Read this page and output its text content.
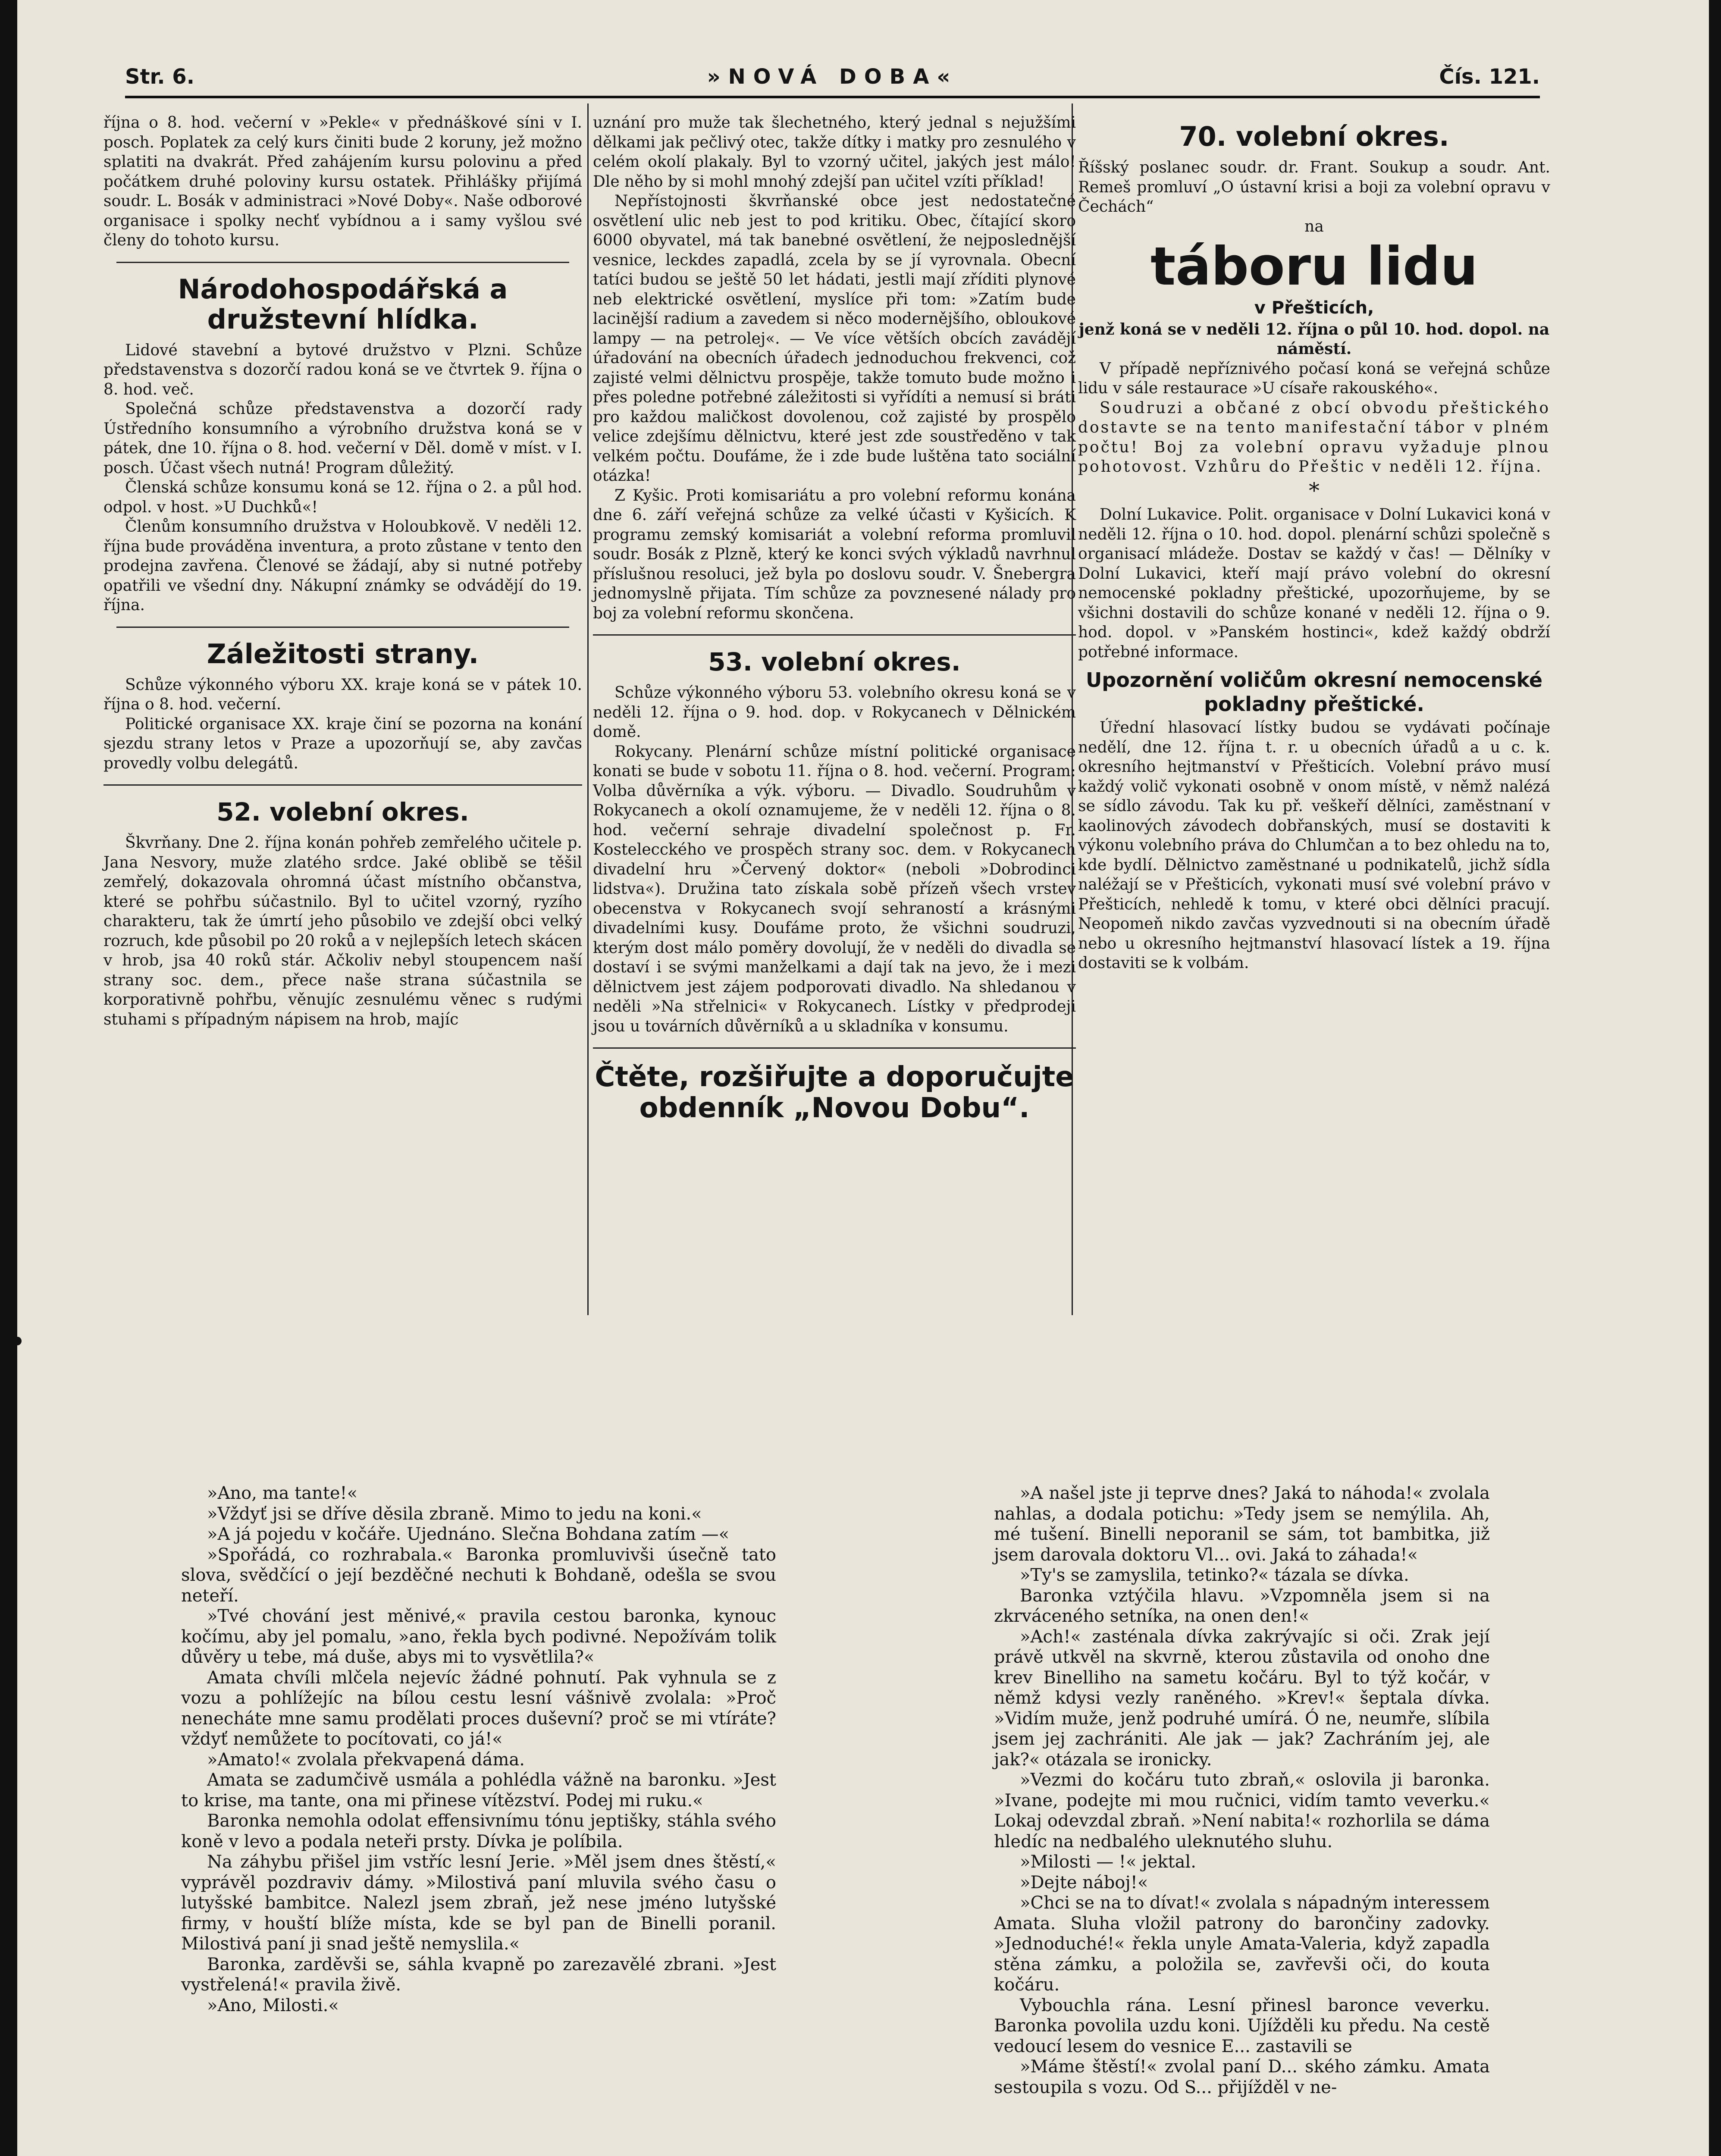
Str. 6.	»NOVÁ DOBA«	Čís. 121.

října o 8. hod. večerní v »Pekle« v přednáškové síni v I. posch. Poplatek za celý kurs činiti bude 2 koruny, jež možno splatiti na dvakrát. Před zahájením kursu polovinu a před počátkem druhé poloviny kursu ostatek. Přihlášky přijímá soudr. L. Bosák v administraci »Nové Doby«. Naše odborové organisace i spolky nechť vybídnou a i samy vyšlou své členy do tohoto kursu.

Národohospodářská a družstevní hlídka.

Lidové stavební a bytové družstvo v Plzni. Schůze představenstva s dozorčí radou koná se ve čtvrtek 9. října o 8. hod. več.

Společná schůze představenstva a dozorčí rady Ústředního konsumního a výrobního družstva koná se v pátek, dne 10. října o 8. hod. večerní v Děl. domě v míst. v I. posch. Účast všech nutná! Program důležitý.

Členská schůze konsumu koná se 12. října o 2. a půl hod. odpol. v host. »U Duchků«!

Členům konsumního družstva v Holoubkově. V neděli 12. října bude prováděna inventura, a proto zůstane v tento den prodejna zavřena. Členové se žádají, aby si nutné potřeby opatřili ve všední dny. Nákupní známky se odvádějí do 19. října.

Záležitosti strany.

Schůze výkonného výboru XX. kraje koná se v pátek 10. října o 8. hod. večerní.

Politické organisace XX. kraje činí se pozorna na konání sjezdu strany letos v Praze a upozorňují se, aby zavčas provedly volbu delegátů.

52. volební okres.

Škvrňany. Dne 2. října konán pohřeb zemřelého učitele p. Jana Nesvory, muže zlatého srdce. Jaké oblibě se těšil zemřelý, dokazovala ohromná účast místního občanstva, které se pohřbu súčastnilo. Byl to učitel vzorný, ryzího charakteru, tak že úmrtí jeho působilo ve zdejší obci velký rozruch, kde působil po 20 roků a v nejlepších letech skácen v hrob, jsa 40 roků stár. Ačkoliv nebyl stoupencem naší strany soc. dem., přece naše strana súčastnila se korporativně pohřbu, věnujíc zesnulému věnec s rudými stuhami s případným nápisem na hrob, majíc

uznání pro muže tak šlechetného, který jednal s nejužšími dělkami jak pečlivý otec, takže dítky i matky pro zesnulého v celém okolí plakaly. Byl to vzorný učitel, jakých jest málo! Dle něho by si mohl mnohý zdejší pan učitel vzíti příklad!

Nepřístojnosti škvrňanské obce jest nedostatečné osvětlení ulic neb jest to pod kritiku. Obec, čítající skoro 6000 obyvatel, má tak banebné osvětlení, že nejposlednější vesnice, leckdes zapadlá, zcela by se jí vyrovnala. Obecní tatíci budou se ještě 50 let hádati, jestli mají zříditi plynové neb elektrické osvětlení, myslíce při tom: »Zatím bude lacinější radium a zavedem si něco modernějšího, obloukové lampy — na petrolej«. — Ve více větších obcích zavádějí úřadování na obecních úřadech jednoduchou frekvenci, což zajisté velmi dělnictvu prospěje, takže tomuto bude možno i přes poledne potřebné záležitosti si vyřídíti a nemusí si bráti pro každou maličkost dovolenou, což zajisté by prospělo velice zdejšímu dělnictvu, které jest zde soustředěno v tak velkém počtu. Doufáme, že i zde bude luštěna tato sociální otázka!

Z Kyšic. Proti komisariátu a pro volební reformu konána dne 6. září veřejná schůze za velké účasti v Kyšicích. K programu zemský komisariát a volební reforma promluvil soudr. Bosák z Plzně, který ke konci svých výkladů navrhnul příslušnou resoluci, jež byla po doslovu soudr. V. Šnebergra jednomyslně přijata. Tím schůze za povznesené nálady pro boj za volební reformu skončena.

53. volební okres.

Schůze výkonného výboru 53. volebního okresu koná se v neděli 12. října o 9. hod. dop. v Rokycanech v Dělnickém domě.

Rokycany. Plenární schůze místní politické organisace konati se bude v sobotu 11. října o 8. hod. večerní. Program: Volba důvěrníka a výk. výboru. — Divadlo. Soudruhům v Rokycanech a okolí oznamujeme, že v neděli 12. října o 8. hod. večerní sehraje divadelní společnost p. Fr. Kostelecckého ve prospěch strany soc. dem. v Rokycanech divadelní hru »Červený doktor« (neboli »Dobrodinci lidstva«). Družina tato získala sobě přízeň všech vrstev obecenstva v Rokycanech svojí sehraností a krásnými divadelními kusy. Doufáme proto, že všichni soudruzi, kterým dost málo poměry dovolují, že v neděli do divadla se dostaví i se svými manželkami a dají tak na jevo, že i mezi dělnictvem jest zájem podporovati divadlo. Na shledanou v neděli »Na střelnici« v Rokycanech. Lístky v předprodeji jsou u továrních důvěrníků a u skladníka v konsumu.

Čtěte, rozšiřujte a doporučujte obdenník „Novou Dobu“.
70. volební okres.

Říšský poslanec soudr. dr. Frant. Soukup a soudr. Ant. Remeš promluví „O ústavní krisi a boji za volební opravu v Čechách“

na

táboru lidu
v Přešticích,

jenž koná se v neděli 12. října o půl 10. hod. dopol. na náměstí.

V případě nepříznivého počasí koná se veřejná schůze lidu v sále restaurace »U císaře rakouského«.

Soudruzi a občané z obcí obvodu přeštického dostavte se na tento manifestační tábor v plném počtu! Boj za volební opravu vyžaduje plnou pohotovost. Vzhůru do Přeštic v neděli 12. října.

*

Dolní Lukavice. Polit. organisace v Dolní Lukavici koná v neděli 12. října o 10. hod. dopol. plenární schůzi společně s organisací mládeže. Dostav se každý v čas! — Dělníky v Dolní Lukavici, kteří mají právo volební do okresní nemocenské pokladny přeštické, upozorňujeme, by se všichni dostavili do schůze konané v neděli 12. října o 9. hod. dopol. v »Panském hostinci«, kdež každý obdrží potřebné informace.

Upozornění voličům okresní nemocenské pokladny přeštické.

Úřední hlasovací lístky budou se vydávati počínaje nedělí, dne 12. října t. r. u obecních úřadů a u c. k. okresního hejtmanství v Přešticích. Volební právo musí každý volič vykonati osobně v onom místě, v němž nalézá se sídlo závodu. Tak ku př. veškeří dělníci, zaměstnaní v kaolinových závodech dobřanských, musí se dostaviti k výkonu volebního práva do Chlumčan a to bez ohledu na to, kde bydlí. Dělnictvo zaměstnané u podnikatelů, jichž sídla naléžají se v Přešticích, vykonati musí své volební právo v Přešticích, nehledě k tomu, v které obci dělníci pracují. Neopomeň nikdo zavčas vyzvednouti si na obecním úřadě nebo u okresního hejtmanství hlasovací lístek a 19. října dostaviti se k volbám.

»Ano, ma tante!«

»Vždyť jsi se dříve děsila zbraně. Mimo to jedu na koni.«

»A já pojedu v kočáře. Ujednáno. Slečna Bohdana zatím —«

»Spořádá, co rozhrabala.« Baronka promluvivši úsečně tato slova, svědčící o její bezděčné nechuti k Bohdaně, odešla se svou neteří.

»Tvé chování jest měnivé,« pravila cestou baronka, kynouc kočímu, aby jel pomalu, »ano, řekla bych podivné. Nepožívám tolik důvěry u tebe, má duše, abys mi to vysvětlila?«

Amata chvíli mlčela nejevíc žádné pohnutí. Pak vyhnula se z vozu a pohlížejíc na bílou cestu lesní vášnivě zvolala: »Proč nenecháte mne samu prodělati proces duševní? proč se mi vtíráte? vždyť nemůžete to pocítovati, co já!«

»Amato!« zvolala překvapená dáma.

Amata se zadumčivě usmála a pohlédla vážně na baronku. »Jest to krise, ma tante, ona mi přinese vítězství. Podej mi ruku.«

Baronka nemohla odolat effensivnímu tónu jeptišky, stáhla svého koně v levo a podala neteři prsty. Dívka je políbila.

Na záhybu přišel jim vstříc lesní Jerie. »Měl jsem dnes štěstí,« vyprávěl pozdraviv dámy. »Milostivá paní mluvila svého času o lutyšské bambitce. Nalezl jsem zbraň, jež nese jméno lutyšské firmy, v houští blíže místa, kde se byl pan de Binelli poranil. Milostivá paní ji snad ještě nemyslila.«

Baronka, zarděvši se, sáhla kvapně po zarezavělé zbrani. »Jest vystřelená!« pravila živě.

»Ano, Milosti.«

»A našel jste ji teprve dnes? Jaká to náhoda!« zvolala nahlas, a dodala potichu: »Tedy jsem se nemýlila. Ah, mé tušení. Binelli neporanil se sám, tot bambitka, již jsem darovala doktoru Vl... ovi. Jaká to záhada!«

»Ty's se zamyslila, tetinko?« tázala se dívka.

Baronka vztýčila hlavu. »Vzpomněla jsem si na zkrváceného setníka, na onen den!«

»Ach!« zasténala dívka zakrývajíc si oči. Zrak její právě utkvěl na skvrně, kterou zůstavila od onoho dne krev Binelliho na sametu kočáru. Byl to týž kočár, v němž kdysi vezly raněného. »Krev!« šeptala dívka. »Vidím muže, jenž podruhé umírá. Ó ne, neumře, slíbila jsem jej zachrániti. Ale jak — jak? Zachráním jej, ale jak?« otázala se ironicky.

»Vezmi do kočáru tuto zbraň,« oslovila ji baronka. »Ivane, podejte mi mou ručnici, vidím tamto veverku.« Lokaj odevzdal zbraň. »Není nabita!« rozhorlila se dáma hledíc na nedbalého uleknutého sluhu.

»Milosti — !« jektal.

»Dejte náboj!«

»Chci se na to dívat!« zvolala s nápadným interessem Amata. Sluha vložil patrony do barončiny zadovky. »Jednoduché!« řekla unyle Amata-Valeria, když zapadla stěna zámku, a položila se, zavřevši oči, do kouta kočáru.

Vybouchla rána. Lesní přinesl baronce veverku. Baronka povolila uzdu koni. Ujížděli ku předu. Na cestě vedoucí lesem do vesnice E... zastavili se

»Máme štěstí!« zvolal paní D... ského zámku. Amata sestoupila s vozu. Od S... přijížděl v ne-
